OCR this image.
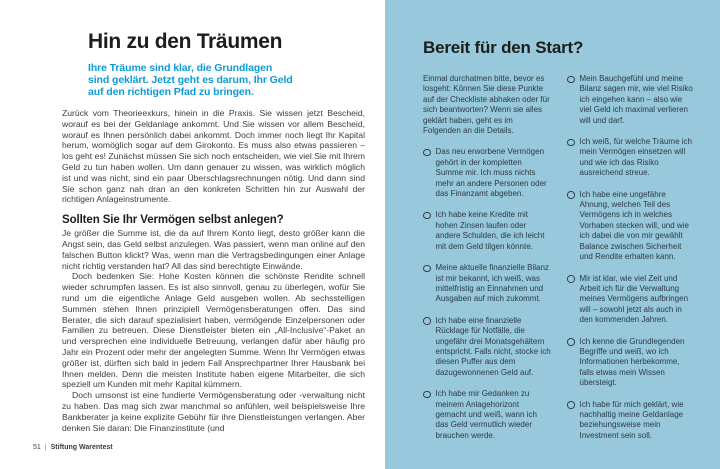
Hin zu den Träumen

Ihre Träume sind klar, die Grundlagen sind geklärt. Jetzt geht es darum, Ihr Geld auf den richtigen Pfad zu bringen.

Zurück vom Theorieexkurs, hinein in die Praxis. Sie wissen jetzt Bescheid, worauf es bei der Geldanlage ankommt. Und Sie wissen vor allem Bescheid, worauf es Ihnen persönlich dabei ankommt. Doch immer noch liegt Ihr Kapital herum, womöglich sogar auf dem Girokonto. Es muss also etwas passieren – los geht es! Zunächst müssen Sie sich noch entscheiden, wie viel Sie mit Ihrem Geld zu tun haben wollen. Um dann genauer zu wissen, was wirklich möglich ist und was nicht, sind ein paar Überschlagsrechnungen nötig. Und dann sind Sie schon ganz nah dran an den konkreten Schritten hin zur Auswahl der richtigen Anlageinstrumente.

Sollten Sie Ihr Vermögen selbst anlegen?

Je größer die Summe ist, die da auf Ihrem Konto liegt, desto größer kann die Angst sein, das Geld selbst anzulegen. Was passiert, wenn man online auf den falschen Button klickt? Was, wenn man die Vertragsbedingungen einer Anlage nicht richtig verstanden hat? All das sind berechtigte Einwände.

Doch bedenken Sie: Hohe Kosten können die schönste Rendite schnell wieder schrumpfen lassen. Es ist also sinnvoll, genau zu überlegen, wofür Sie rund um die eigentliche Anlage Geld ausgeben wollen. Ab sechsstelligen Summen stehen Ihnen prinzipiell Vermögensberatungen offen. Das sind Berater, die sich darauf spezialisiert haben, vermögende Einzelpersonen oder Familien zu betreuen. Diese Dienstleister bieten ein „All-Inclusive“-Paket an und versprechen eine individuelle Betreuung, verlangen dafür aber häufig pro Jahr ein Prozent oder mehr der angelegten Summe. Wenn Ihr Vermögen etwas größer ist, dürften sich bald in jedem Fall Ansprechpartner Ihrer Hausbank bei Ihnen melden. Denn die meisten Institute haben eigene Mitarbeiter, die sich speziell um Kunden mit mehr Kapital kümmern.

Doch umsonst ist eine fundierte Vermögensberatung oder -verwaltung nicht zu haben. Das mag sich zwar manchmal so anfühlen, weil beispielsweise Ihre Bankberater ja keine explizite Gebühr für ihre Dienstleistungen verlangen. Aber denken Sie daran: Die Finanzinstitute (und

51 | Stiftung Warentest
Bereit für den Start?

Einmal durchatmen bitte, bevor es losgeht: Können Sie diese Punkte auf der Checkliste abhaken oder für sich beantworten? Wenn sie alles geklärt haben, geht es im Folgenden an die Details.

Das neu erworbene Vermögen gehört in der kompletten Summe mir. Ich muss nichts mehr an andere Personen oder das Finanzamt abgeben.
Ich habe keine Kredite mit hohen Zinsen laufen oder andere Schulden, die ich leicht mit dem Geld tilgen könnte.
Meine aktuelle finanzielle Bilanz ist mir bekannt, ich weiß, was mittelfristig an Einnahmen und Ausgaben auf mich zukommt.
Ich habe eine finanzielle Rücklage für Notfälle, die ungefähr drei Monatsgehältern entspricht. Falls nicht, stocke ich diesen Puffer aus dem dazugewonnenen Geld auf.
Ich habe mir Gedanken zu meinem Anlagehorizont gemacht und weiß, wann ich das Geld vermutlich wieder brauchen werde.
Mein Bauchgefühl und meine Bilanz sagen mir, wie viel Risiko ich eingehen kann – also wie viel Geld ich maximal verlieren will und darf.
Ich weiß, für welche Träume ich mein Vermögen einsetzen will und wie ich das Risiko ausreichend streue.
Ich habe eine ungefähre Ahnung, welchen Teil des Vermögens ich in welches Vorhaben stecken will, und wie ich dabei die von mir gewählt Balance zwischen Sicherheit und Rendite erhalten kann.
Mir ist klar, wie viel Zeit und Arbeit ich für die Verwaltung meines Vermögens aufbringen will – sowohl jetzt als auch in den kommenden Jahren.
Ich kenne die Grundlegenden Begriffe und weiß, wo ich Informationen herbekomme, falls etwas mein Wissen übersteigt.
Ich habe für mich geklärt, wie nachhaltig meine Geldanlage beziehungsweise mein Investment sein soll.
